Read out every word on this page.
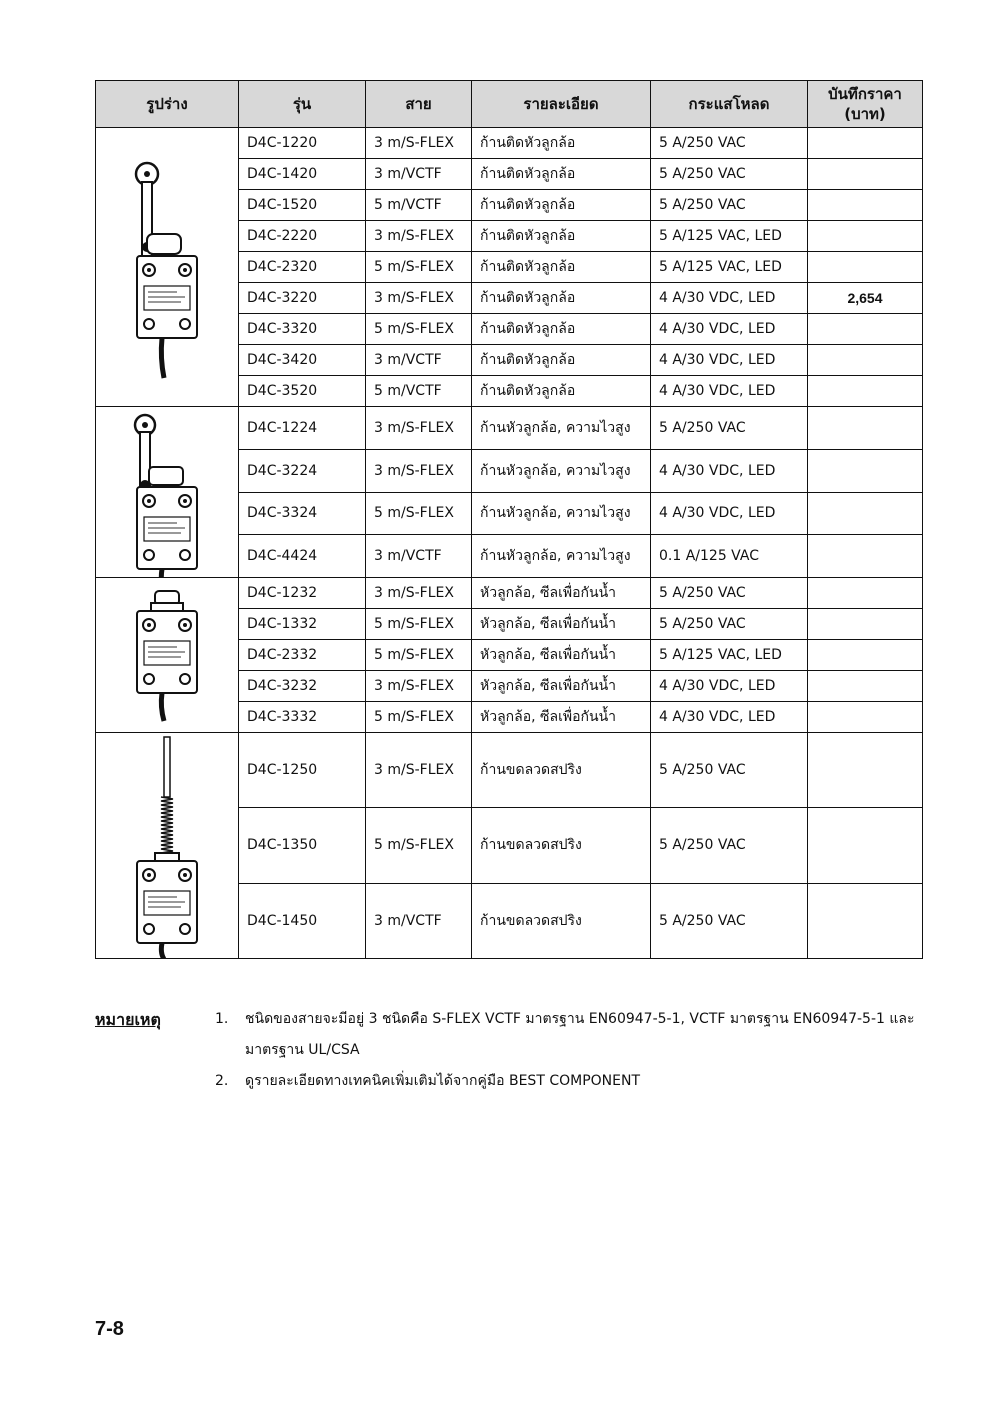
รูปร่าง	รุ่น	สาย	รายละเอียด	กระแสโหลด	บันทึกราคา (บาท)

	D4C-1220	3 m/S-FLEX	ก้านติดหัวลูกล้อ	5 A/250 VAC	
	D4C-1420	3 m/VCTF	ก้านติดหัวลูกล้อ	5 A/250 VAC	
	D4C-1520	5 m/VCTF	ก้านติดหัวลูกล้อ	5 A/250 VAC	
	D4C-2220	3 m/S-FLEX	ก้านติดหัวลูกล้อ	5 A/125 VAC, LED	
	D4C-2320	5 m/S-FLEX	ก้านติดหัวลูกล้อ	5 A/125 VAC, LED	
	D4C-3220	3 m/S-FLEX	ก้านติดหัวลูกล้อ	4 A/30 VDC, LED	2,654
	D4C-3320	5 m/S-FLEX	ก้านติดหัวลูกล้อ	4 A/30 VDC, LED	
	D4C-3420	3 m/VCTF	ก้านติดหัวลูกล้อ	4 A/30 VDC, LED	
	D4C-3520	5 m/VCTF	ก้านติดหัวลูกล้อ	4 A/30 VDC, LED	

	D4C-1224	3 m/S-FLEX	ก้านหัวลูกล้อ, ความไวสูง	5 A/250 VAC	
	D4C-3224	3 m/S-FLEX	ก้านหัวลูกล้อ, ความไวสูง	4 A/30 VDC, LED	
	D4C-3324	5 m/S-FLEX	ก้านหัวลูกล้อ, ความไวสูง	4 A/30 VDC, LED	
	D4C-4424	3 m/VCTF	ก้านหัวลูกล้อ, ความไวสูง	0.1 A/125 VAC	

	D4C-1232	3 m/S-FLEX	หัวลูกล้อ, ซีลเพื่อกันน้ำ	5 A/250 VAC	
	D4C-1332	5 m/S-FLEX	หัวลูกล้อ, ซีลเพื่อกันน้ำ	5 A/250 VAC	
	D4C-2332	5 m/S-FLEX	หัวลูกล้อ, ซีลเพื่อกันน้ำ	5 A/125 VAC, LED	
	D4C-3232	3 m/S-FLEX	หัวลูกล้อ, ซีลเพื่อกันน้ำ	4 A/30 VDC, LED	
	D4C-3332	5 m/S-FLEX	หัวลูกล้อ, ซีลเพื่อกันน้ำ	4 A/30 VDC, LED	

	D4C-1250	3 m/S-FLEX	ก้านขดลวดสปริง	5 A/250 VAC	
	D4C-1350	5 m/S-FLEX	ก้านขดลวดสปริง	5 A/250 VAC	
	D4C-1450	3 m/VCTF	ก้านขดลวดสปริง	5 A/250 VAC	
หมายเหตุ	1. ชนิดของสายจะมีอยู่ 3 ชนิดคือ S-FLEX VCTF มาตรฐาน EN60947-5-1, VCTF มาตรฐาน EN60947-5-1 และมาตรฐาน UL/CSA
2. ดูรายละเอียดทางเทคนิคเพิ่มเติมได้จากคู่มือ BEST COMPONENT
7-8
